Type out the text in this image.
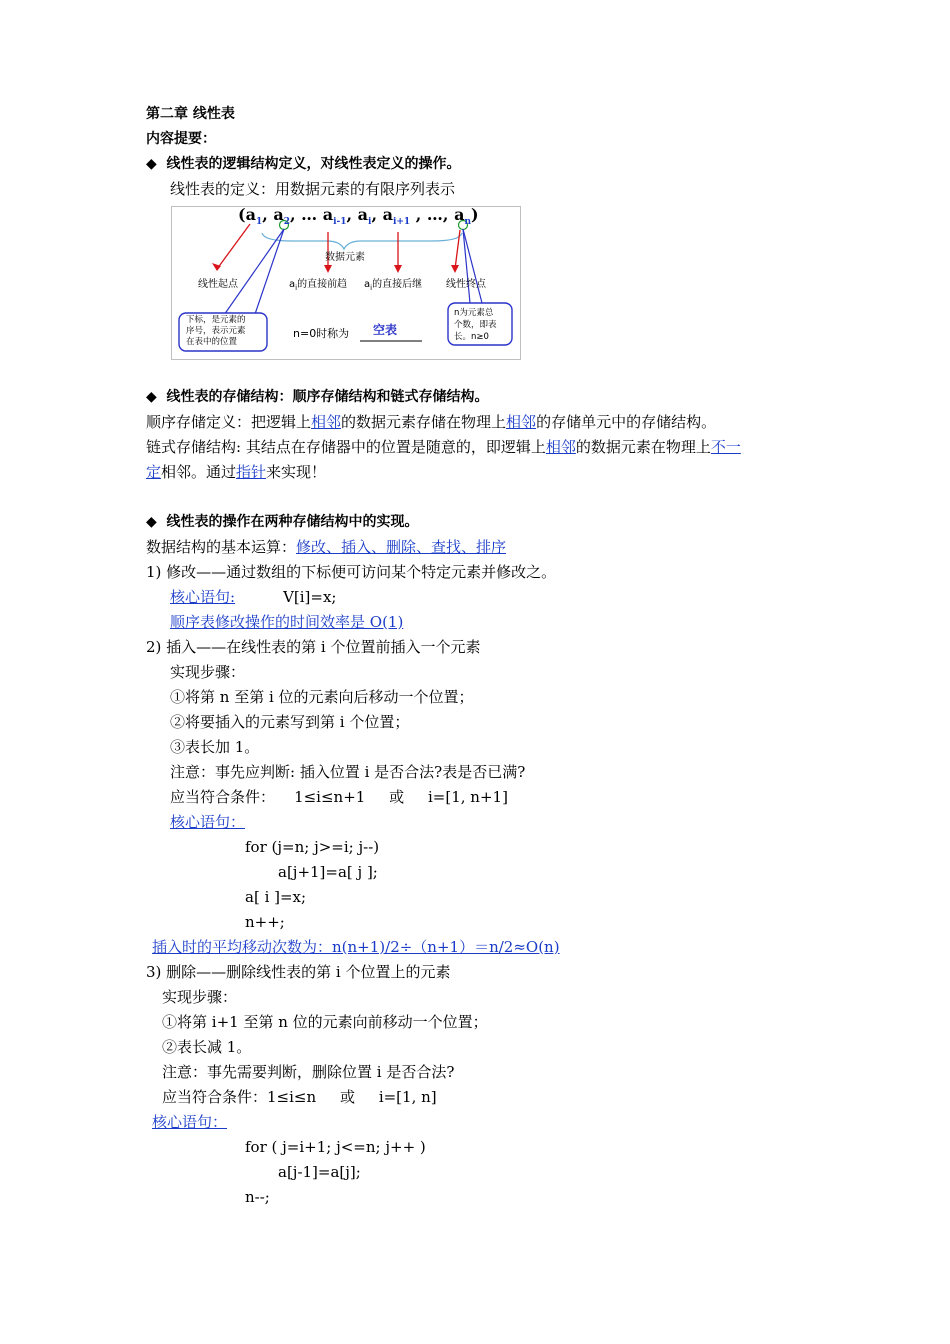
第二章 线性表
内容提要：
◆ 线性表的逻辑结构定义，对线性表定义的操作。
线性表的定义：用数据元素的有限序列表示
($a_1$, $a_2$, … $a_{i-1}$, $a_i$, $a_{i+1}$ , …, $a_n$)
数据元素
线性起点	$a_i$的直接前趋 $a_i$的直接后继 线性终点
下标，是元素的
序号，表示元素
在表中的位置
n=0时称为 空表
n为元素总
个数，即表
长。n≥0
◆ 线性表的存储结构：顺序存储结构和链式存储结构。
顺序存储定义：把逻辑上相邻的数据元素存储在物理上相邻的存储单元中的存储结构。
链式存储结构: 其结点在存储器中的位置是随意的，即逻辑上相邻的数据元素在物理上不一
定相邻。通过指针来实现！
◆ 线性表的操作在两种存储结构中的实现。
数据结构的基本运算：修改、插入、删除、查找、排序
1) 修改——通过数组的下标便可访问某个特定元素并修改之。
核心语句:	V[i]=x;
顺序表修改操作的时间效率是 O(1)
2) 插入——在线性表的第 i 个位置前插入一个元素
实现步骤：
①将第 n 至第 i 位的元素向后移动一个位置；
②将要插入的元素写到第 i 个位置；
③表长加 1。
注意：事先应判断: 插入位置 i 是否合法?表是否已满?
应当符合条件：    1≤i≤n+1     或     i=[1, n+1]
核心语句：
for (j=n; j>=i; j--)
a[j+1]=a[ j ];
a[ i ]=x;
n++;
插入时的平均移动次数为：n(n+1)/2÷（n+1）＝n/2≈O(n)
3) 删除——删除线性表的第 i 个位置上的元素
实现步骤：
①将第 i+1 至第 n 位的元素向前移动一个位置；
②表长减 1。
注意：事先需要判断，删除位置 i 是否合法?
应当符合条件：1≤i≤n     或     i=[1, n]
核心语句：
for ( j=i+1; j<=n; j++ )
a[j-1]=a[j];
n--;
